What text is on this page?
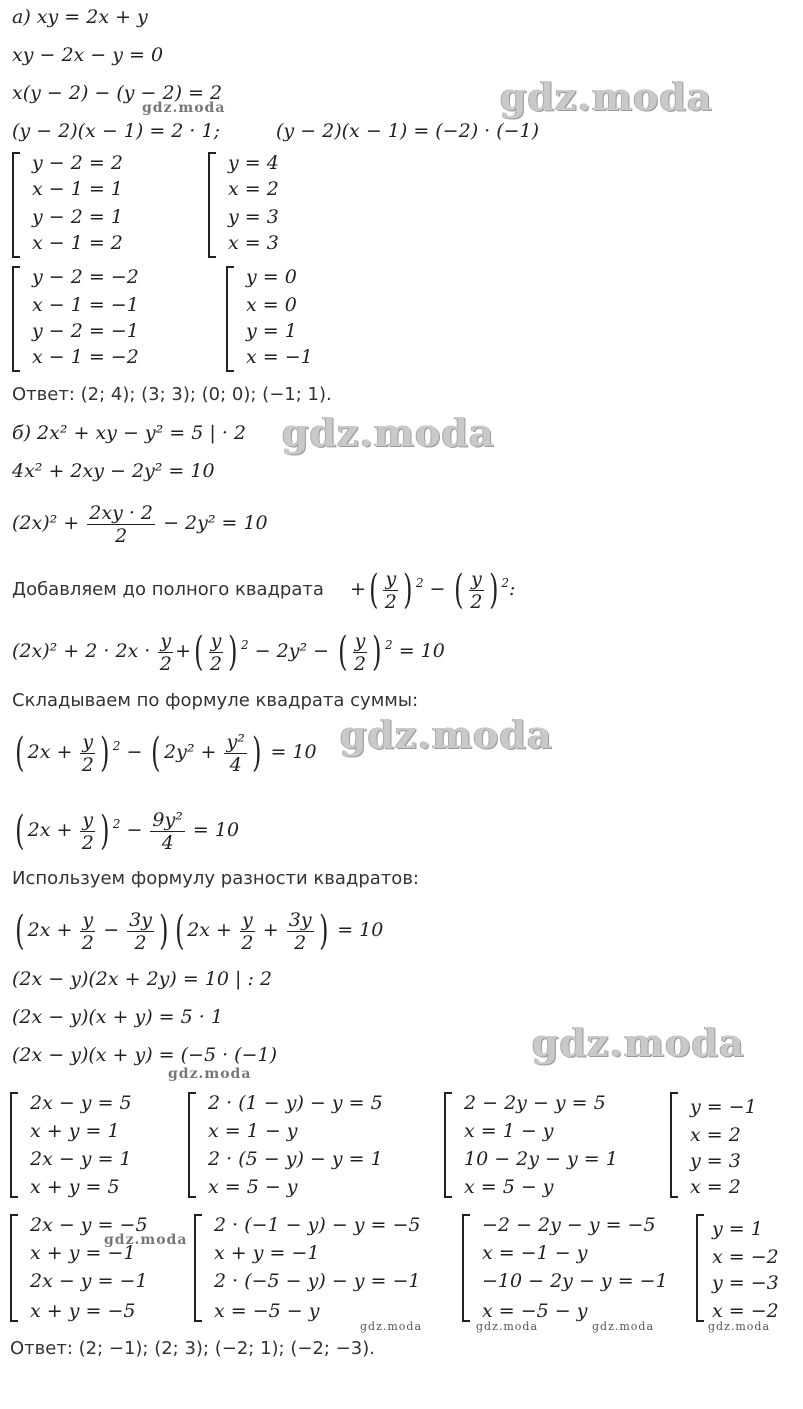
а) xy = 2x + y
xy − 2x − y = 0
x(y − 2) − (y − 2) = 2
(y − 2)(x − 1) = 2 · 1;	(y − 2)(x − 1) = (−2) · (−1)
y − 2 = 2
x − 1 = 1
y − 2 = 1
x − 1 = 2
y = 4
x = 2
y = 3
x = 3
y − 2 = −2
x − 1 = −1
y − 2 = −1
x − 1 = −2
y = 0
x = 0
y = 1
x = −1
Ответ: (2; 4); (3; 3); (0; 0); (−1; 1).
б) 2x² + xy − y² = 5 | · 2
4x² + 2xy − 2y² = 10
$(2x)^2 + \frac{2xy \cdot 2}{2} - 2y^2 = 10$
Добавляем до полного квадрата +( $\frac{y}{2}$ ) $^2$ − ( $\frac{y}{2}$ ) $^2$:
$(2x)^2 + 2 \cdot 2x \cdot \frac{y}{2}$ +( $\frac{y}{2}$ ) $^2$ − 2y² − ( $\frac{y}{2}$ ) $^2$ = 10
Складываем по формуле квадрата суммы:
( $2x + \frac{y}{2}$ ) $^2$ − ( $2y^2 + \frac{\text{y²}}{4}$ ) = 10
( $2x + \frac{y}{2}$ ) $^2 - \frac{\text{9y²}}{4} = 10$
Используем формулу разности квадратов:
( $2x + \frac{y}{2} - \frac{3y}{2}$ ) ( $2x + \frac{y}{2} + \frac{3y}{2}$ ) = 10
(2x − y)(2x + 2y) = 10 | : 2
(2x − y)(x + y) = 5 · 1
(2x − y)(x + y) = (−5 · (−1)
2x − y = 5
x + y = 1
2x − y = 1
x + y = 5
2 · (1 − y) − y = 5
x = 1 − y
2 · (5 − y) − y = 1
x = 5 − y
2 − 2y − y = 5
x = 1 − y
10 − 2y − y = 1
x = 5 − y
y = −1
x = 2
y = 3
x = 2
2x − y = −5
x + y = −1
2x − y = −1
x + y = −5
2 · (−1 − y) − y = −5
x + y = −1
2 · (−5 − y) − y = −1
x = −5 − y
−2 − 2y − y = −5
x = −1 − y
−10 − 2y − y = −1
x = −5 − y
y = 1
x = −2
y = −3
x = −2
Ответ: (2; −1); (2; 3); (−2; 1); (−2; −3).
gdz.moda
gdz.moda
gdz.moda
gdz.moda
gdz.moda
gdz.moda
gdz.moda
gdz.moda	gdz.moda	gdz.moda	gdz.moda
